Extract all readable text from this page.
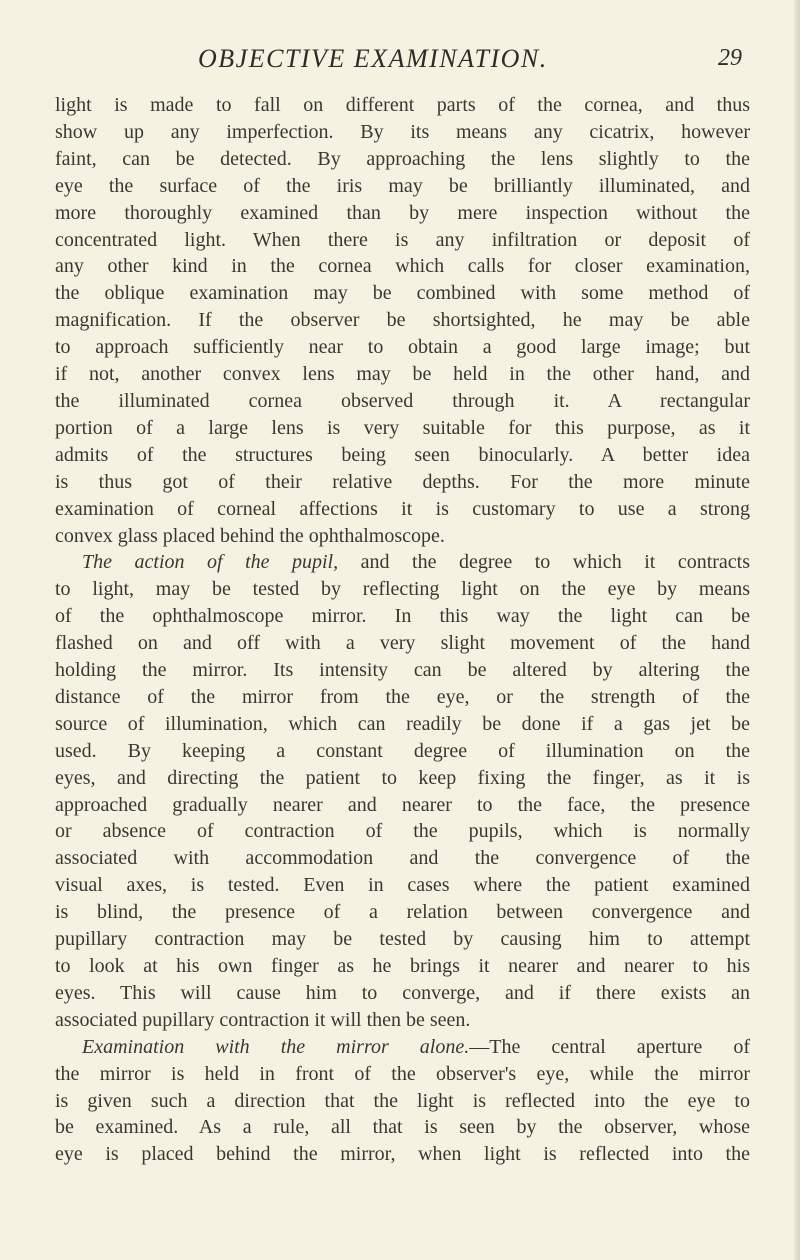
OBJECTIVE EXAMINATION.	29
light is made to fall on different parts of the cornea, and thus
show up any imperfection. By its means any cicatrix, however
faint, can be detected. By approaching the lens slightly to the
eye the surface of the iris may be brilliantly illuminated, and
more thoroughly examined than by mere inspection without the
concentrated light. When there is any infiltration or deposit of
any other kind in the cornea which calls for closer examination,
the oblique examination may be combined with some method of
magnification. If the observer be shortsighted, he may be able
to approach sufficiently near to obtain a good large image; but
if not, another convex lens may be held in the other hand, and
the illuminated cornea observed through it. A rectangular
portion of a large lens is very suitable for this purpose, as it
admits of the structures being seen binocularly. A better idea
is thus got of their relative depths. For the more minute
examination of corneal affections it is customary to use a strong
convex glass placed behind the ophthalmoscope.
The action of the pupil, and the degree to which it contracts
to light, may be tested by reflecting light on the eye by means
of the ophthalmoscope mirror. In this way the light can be
flashed on and off with a very slight movement of the hand
holding the mirror. Its intensity can be altered by altering the
distance of the mirror from the eye, or the strength of the
source of illumination, which can readily be done if a gas jet be
used. By keeping a constant degree of illumination on the
eyes, and directing the patient to keep fixing the finger, as it is
approached gradually nearer and nearer to the face, the presence
or absence of contraction of the pupils, which is normally
associated with accommodation and the convergence of the
visual axes, is tested. Even in cases where the patient examined
is blind, the presence of a relation between convergence and
pupillary contraction may be tested by causing him to attempt
to look at his own finger as he brings it nearer and nearer to his
eyes. This will cause him to converge, and if there exists an
associated pupillary contraction it will then be seen.
Examination with the mirror alone.—The central aperture of
the mirror is held in front of the observer's eye, while the mirror
is given such a direction that the light is reflected into the eye to
be examined. As a rule, all that is seen by the observer, whose
eye is placed behind the mirror, when light is reflected into the
